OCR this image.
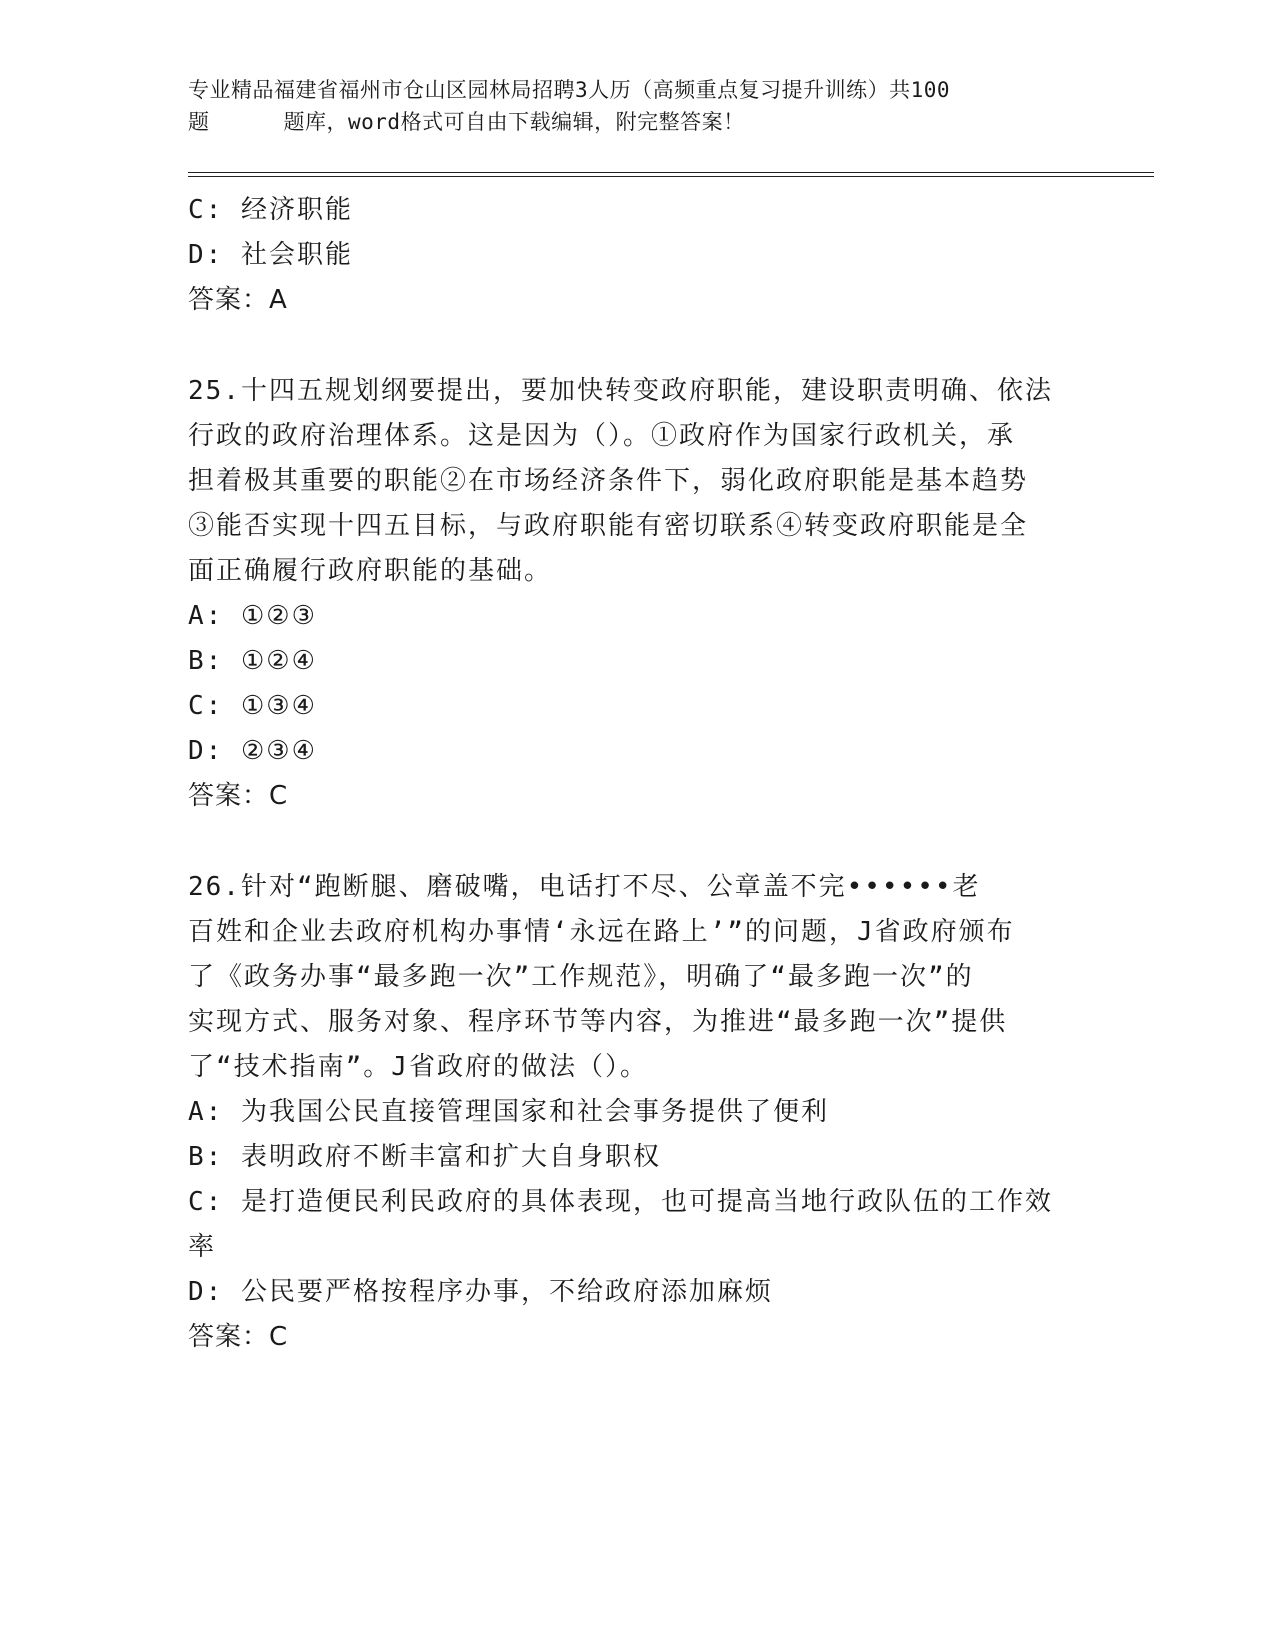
专业精品福建省福州市仓山区园林局招聘3人历（高频重点复习提升训练）共100
题	题库，word格式可自由下载编辑，附完整答案！
C: 经济职能
D: 社会职能
答案：A
25.十四五规划纲要提出，要加快转变政府职能，建设职责明确、依法
行政的政府治理体系。这是因为（）。①政府作为国家行政机关，承
担着极其重要的职能②在市场经济条件下，弱化政府职能是基本趋势
③能否实现十四五目标，与政府职能有密切联系④转变政府职能是全
面正确履行政府职能的基础。
A: ①②③
B: ①②④
C: ①③④
D: ②③④
答案：C
26.针对“跑断腿、磨破嘴，电话打不尽、公章盖不完••••••老
百姓和企业去政府机构办事情‘永远在路上’”的问题，J省政府颁布
了《政务办事“最多跑一次”工作规范》，明确了“最多跑一次”的
实现方式、服务对象、程序环节等内容，为推进“最多跑一次”提供
了“技术指南”。J省政府的做法（）。
A: 为我国公民直接管理国家和社会事务提供了便利
B: 表明政府不断丰富和扩大自身职权
C: 是打造便民利民政府的具体表现，也可提高当地行政队伍的工作效
率
D: 公民要严格按程序办事，不给政府添加麻烦
答案：C
